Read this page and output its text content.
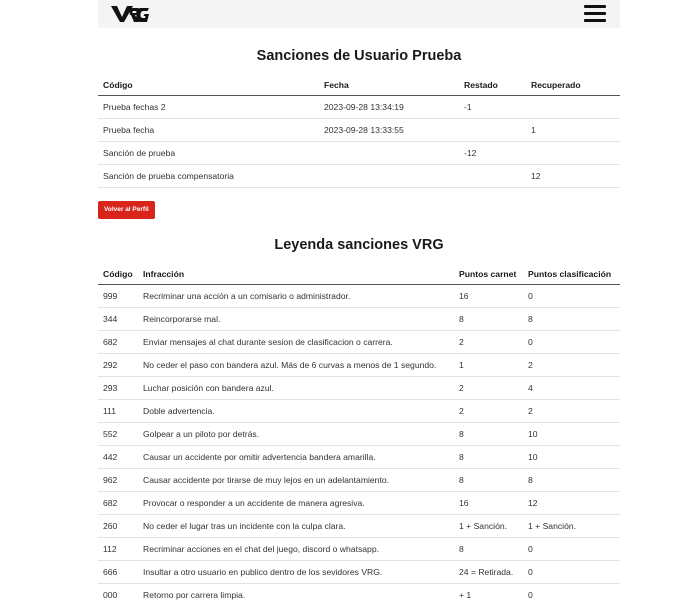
Sanciones de Usuario Prueba
Código	Fecha	Restado	Recuperado
Prueba fechas 2	2023-09-28 13:34:19	-1	
Prueba fecha	2023-09-28 13:33:55		1
Sanción de prueba		-12	
Sanción de prueba compensatoria			12
Volver al Perfil
Leyenda sanciones VRG
Código	Infracción	Puntos carnet	Puntos clasificación
999	Recriminar una acción a un comisario o administrador.	16	0
344	Reincorporarse mal.	8	8
682	Enviar mensajes al chat durante sesion de clasificacion o carrera.	2	0
292	No ceder el paso con bandera azul. Más de 6 curvas a menos de 1 segundo.	1	2
293	Luchar posición con bandera azul.	2	4
111	Doble advertencia.	2	2
552	Golpear a un piloto por detrás.	8	10
442	Causar un accidente por omitir advertencia bandera amarilla.	8	10
962	Causar accidente por tirarse de muy lejos en un adelantamiento.	8	8
682	Provocar o responder a un accidente de manera agresiva.	16	12
260	No ceder el lugar tras un incidente con la culpa clara.	1 + Sanción.	1 + Sanción.
112	Recriminar acciones en el chat del juego, discord o whatsapp.	8	0
666	Insultar a otro usuario en publico dentro de los sevidores VRG.	24 = Retirada.	0
000	Retorno por carrera limpia.	+ 1	0
